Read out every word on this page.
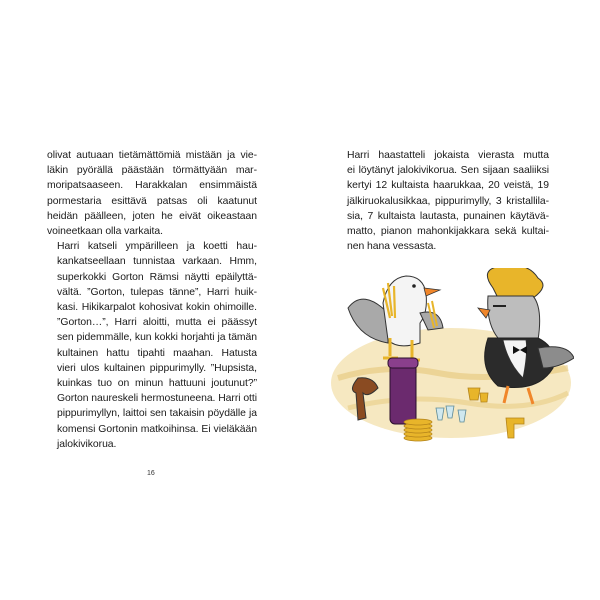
olivat autuaan tietämättömiä mistään ja vie-
läkin pyörällä päästään törmättyään mar-
moripatsaaseen. Harakkalan ensimmäistä
pormestaria esittävä patsas oli kaatunut
heidän päälleen, joten he eivät oikeastaan
voineetkaan olla varkaita.

Harri katseli ympärilleen ja koetti hau-
kankatseellaan tunnistaa varkaan. Hmm,
superkokki Gorton Rämsi näytti epäilyttä-
vältä. ”Gorton, tulepas tänne”, Harri huik-
kasi. Hikikarpalot kohosivat kokin ohimoille.
”Gorton…”, Harri aloitti, mutta ei päässyt
sen pidemmälle, kun kokki horjahti ja tämän
kultainen hattu tipahti maahan. Hatusta
vieri ulos kultainen pippurimylly. ”Hupsista,
kuinkas tuo on minun hattuuni joutunut?”
Gorton naureskeli hermostuneena. Harri otti
pippurimyllyn, laittoi sen takaisin pöydälle ja
komensi Gortonin matkoihinsa. Ei vieläkään
jalokivikorua.

16

Harri haastatteli jokaista vierasta mutta
ei löytänyt jalokivikorua. Sen sijaan saaliiksi
kertyi 12 kultaista haarukkaa, 20 veistä, 19
jälkiruokalusikkaa, pippurimylly, 3 kristallila-
sia, 7 kultaista lautasta, punainen käytävä-
matto, pianon mahonkijakkara sekä kultai-
nen hana vessasta.
